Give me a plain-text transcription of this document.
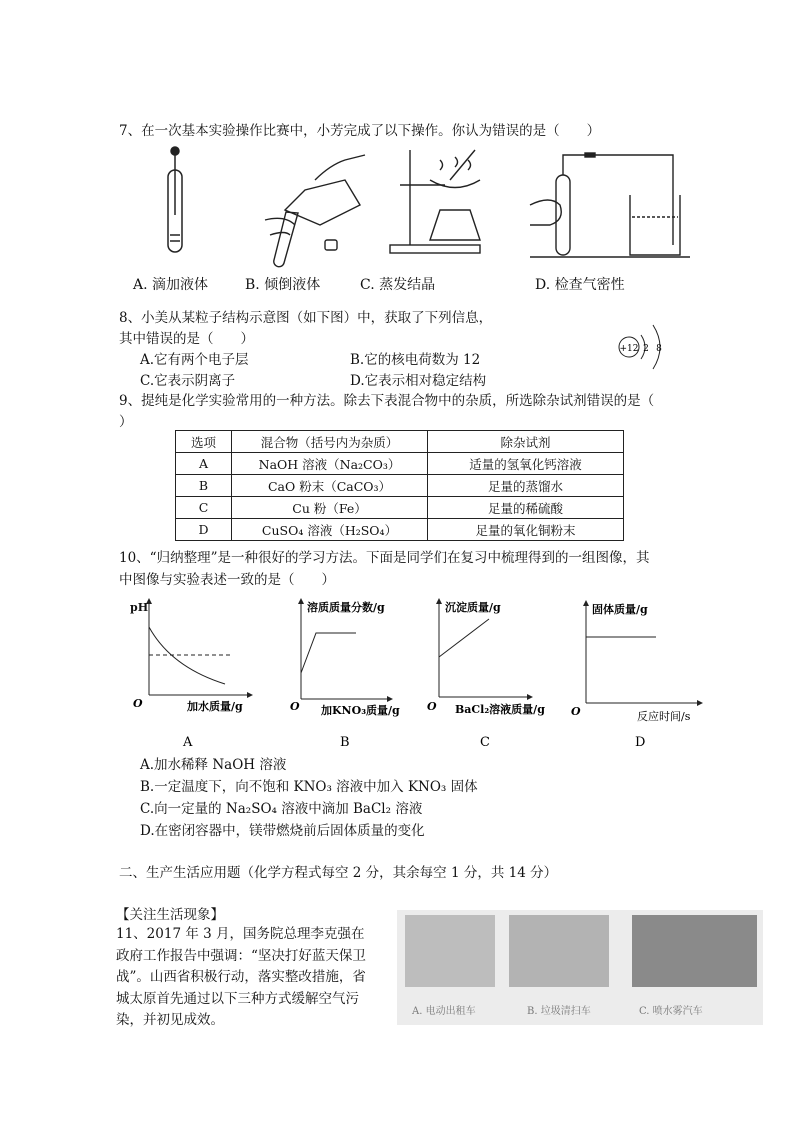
7、在一次基本实验操作比赛中，小芳完成了以下操作。你认为错误的是（　　）
A. 滴加液体	B. 倾倒液体	C. 蒸发结晶	D. 检查气密性
8、小美从某粒子结构示意图（如下图）中，获取了下列信息，
其中错误的是（　　）
A.它有两个电子层	B.它的核电荷数为 12
C.它表示阴离子	D.它表示相对稳定结构
+12 2 8
9、提纯是化学实验常用的一种方法。除去下表混合物中的杂质，所选除杂试剂错误的是（
）
选项	混合物（括号内为杂质）	除杂试剂
A	NaOH 溶液（Na₂CO₃）	适量的氢氧化钙溶液
B	CaO 粉末（CaCO₃）	足量的蒸馏水
C	Cu 粉（Fe）	足量的稀硫酸
D	CuSO₄ 溶液（H₂SO₄）	足量的氧化铜粉末
10、“归纳整理”是一种很好的学习方法。下面是同学们在复习中梳理得到的一组图像，其
中图像与实验表述一致的是（　　）
pH
O	加水质量/g
A
溶质质量分数/g
O 加KNO₃质量/g
B
沉淀质量/g
O BaCl₂溶液质量/g
C
固体质量/g
O	反应时间/s
D
A.加水稀释 NaOH 溶液
B.一定温度下，向不饱和 KNO₃ 溶液中加入 KNO₃ 固体
C.向一定量的 Na₂SO₄ 溶液中滴加 BaCl₂ 溶液
D.在密闭容器中，镁带燃烧前后固体质量的变化
二、生产生活应用题（化学方程式每空 2 分，其余每空 1 分，共 14 分）
【关注生活现象】
11、2017 年 3 月，国务院总理李克强在政府工作报告中强调：“坚决打好蓝天保卫战”。山西省积极行动，落实整改措施，省城太原首先通过以下三种方式缓解空气污染，并初见成效。
A. 电动出租车	B. 垃圾清扫车	C. 喷水雾汽车
